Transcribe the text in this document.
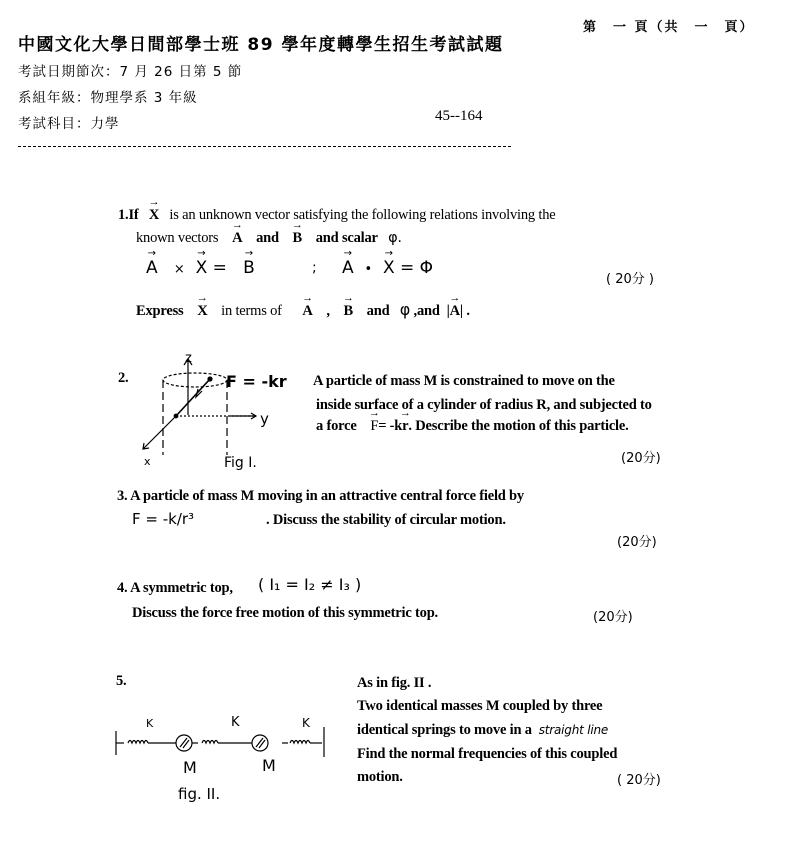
第　一 頁（共　一　頁）
中國文化大學日間部學士班 89 學年度轉學生招生考試試題
考試日期節次：7 月 26 日第 5 節
系組年級：物理學系 3 年級
考試科目：力學	45--164
1.If → X is an unknown vector satisfying the following relations involving the
known vectors → A and → B and scalar φ.
→ A × → X = → B	; → A • → X = Φ
( 20分 )
Express → X in terms of → A , → B and φ ,and → |A| .
2.
z
y
x
F = -kr
Fig I.
A particle of mass M is constrained to move on the
inside surface of a cylinder of radius R, and subjected to
a force → F= -k→ r. Describe the motion of this particle.
(20分)
3. A particle of mass M moving in an attractive central force field by
F = -k/r³	. Discuss the stability of circular motion.
(20分)
4. A symmetric top, ( I₁ = I₂ ≠ I₃ )
Discuss the force free motion of this symmetric top.	(20分)
5.
K	K	K
M	M
fig. II.
As in fig. II .
Two identical masses M coupled by three
identical springs to move in a straight line
Find the normal frequencies of this coupled
motion.	( 20分)
